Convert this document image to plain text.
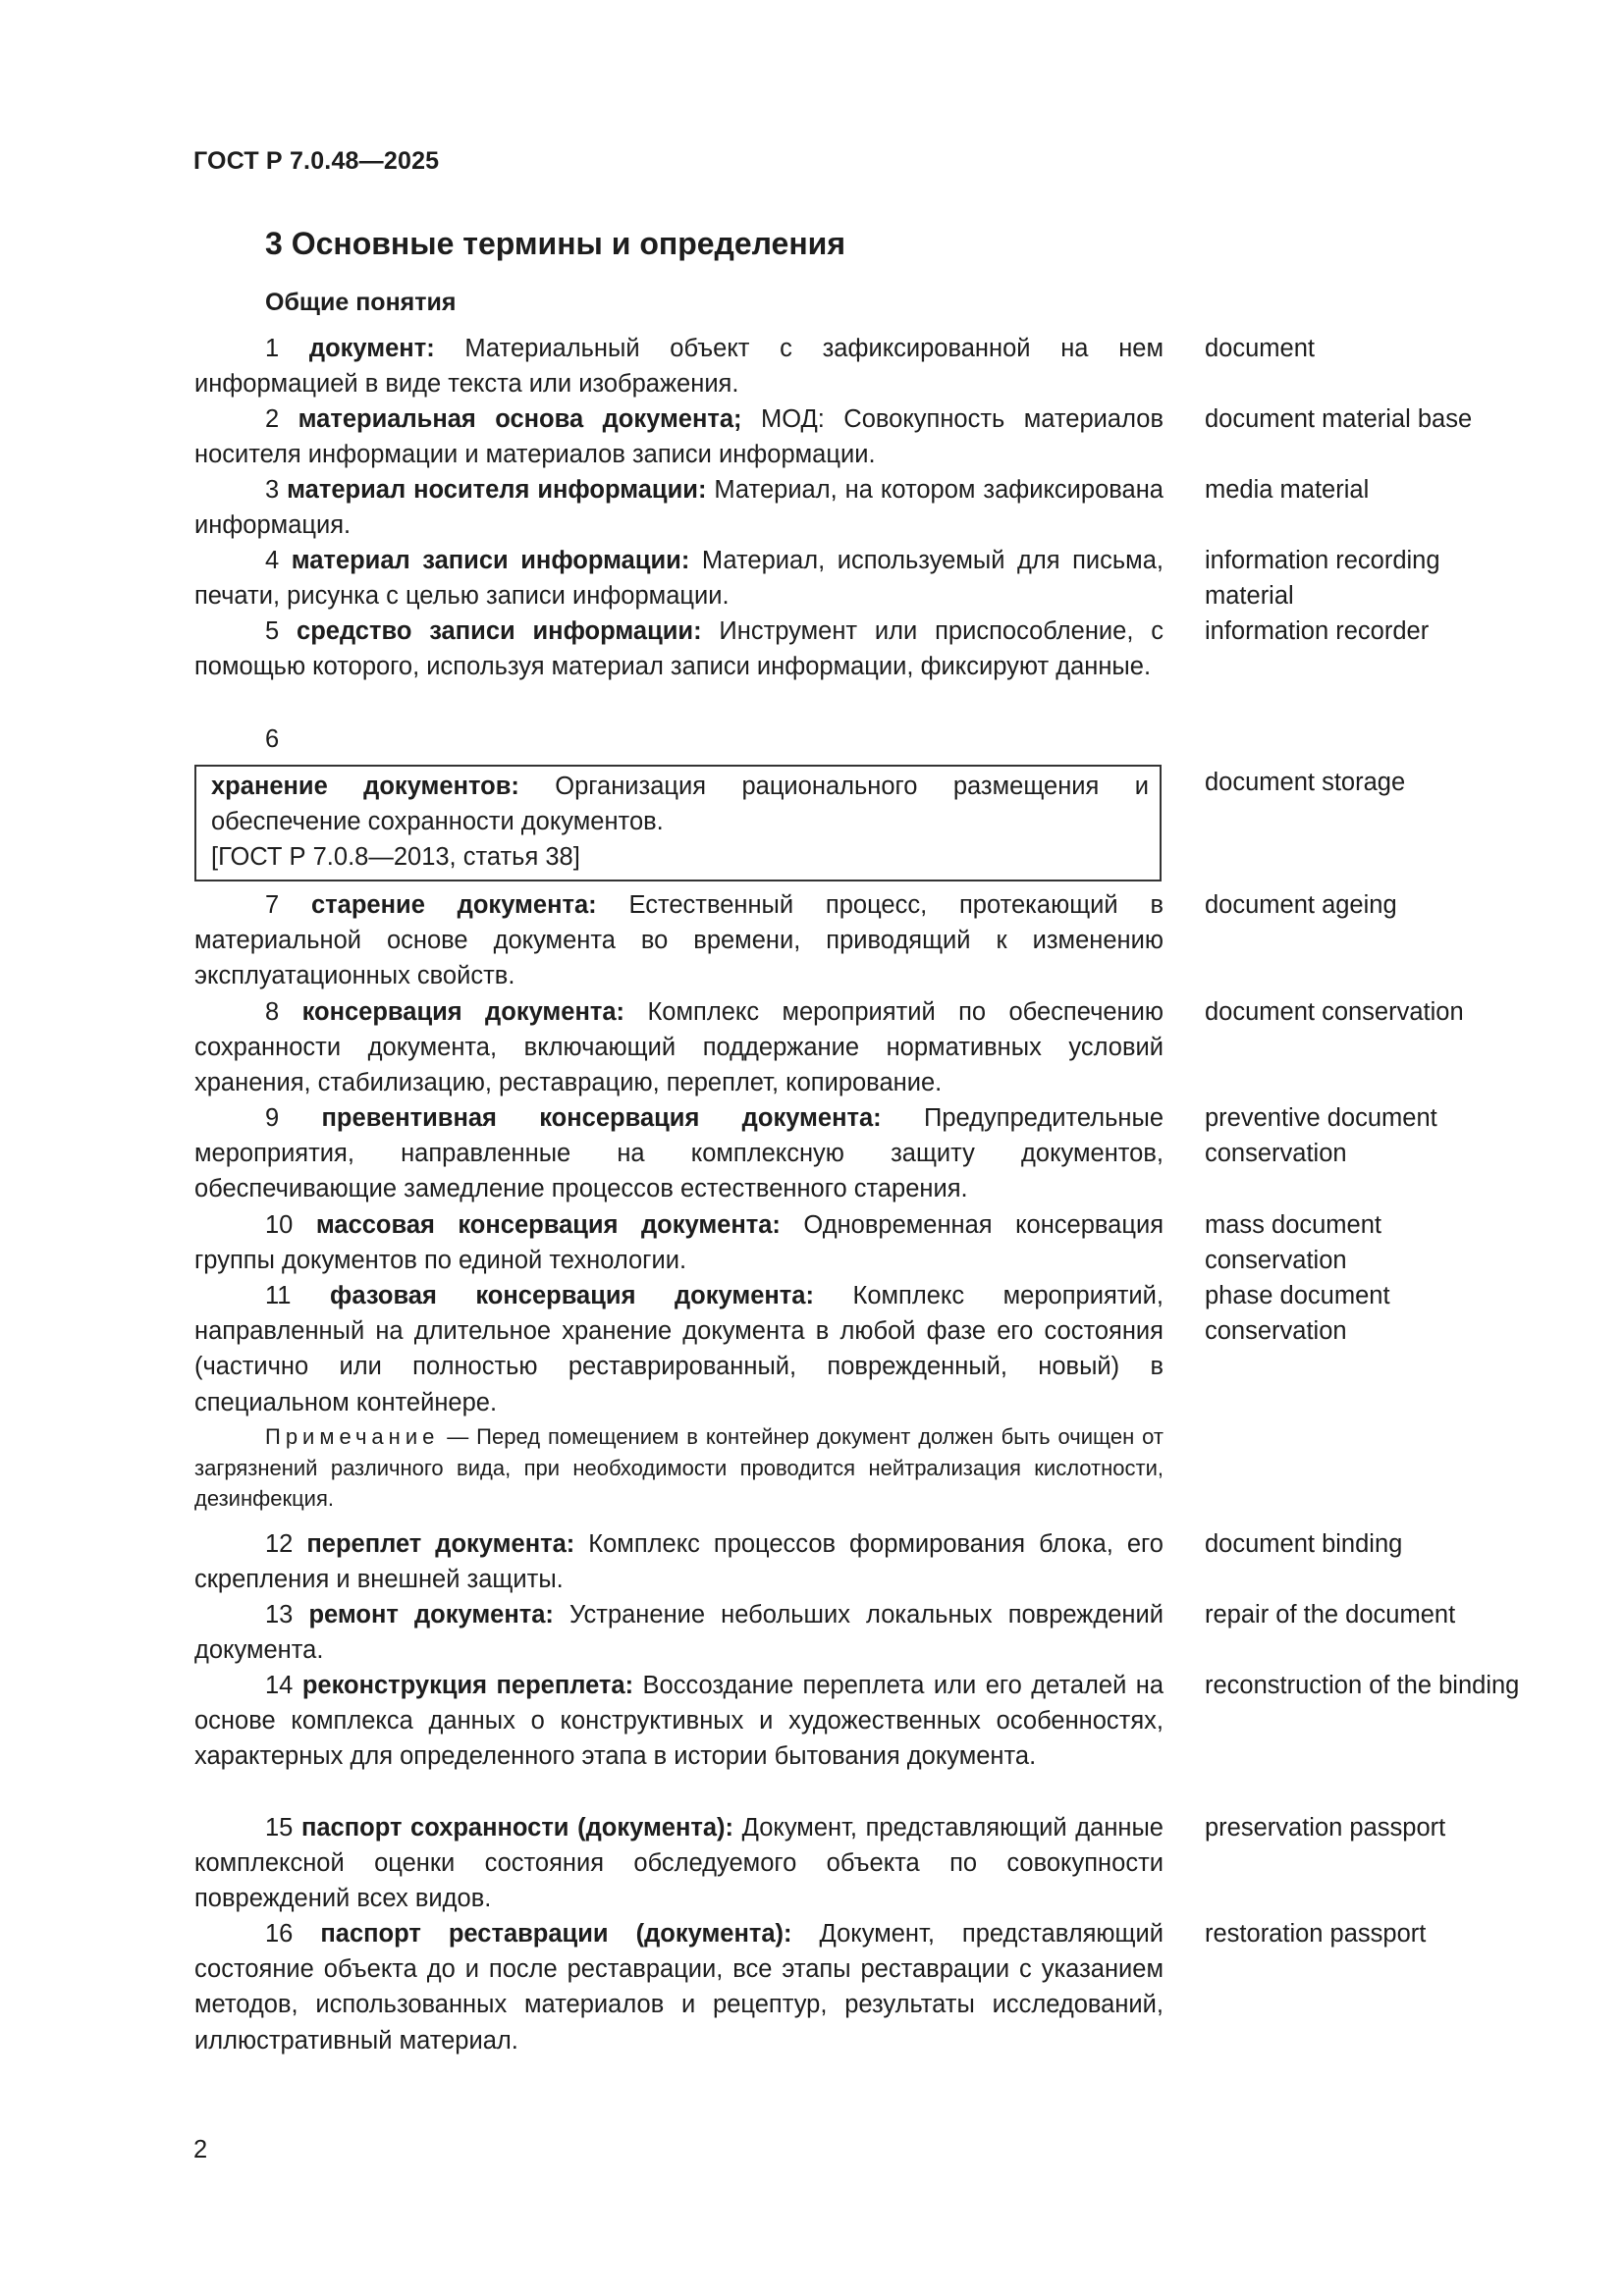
ГОСТ Р 7.0.48—2025
3 Основные термины и определения
Общие понятия
1 документ: Материальный объект с зафиксированной на нем информацией в виде текста или изображения.
document
2 материальная основа документа; МОД: Совокупность материалов носителя информации и материалов записи информации.
document material base
3 материал носителя информации: Материал, на котором зафиксирована информация.
media material
4 материал записи информации: Материал, используемый для письма, печати, рисунка с целью записи информации.
information recording material
5 средство записи информации: Инструмент или приспособление, с помощью которого, используя материал записи информации, фиксируют данные.
information recorder
6
хранение документов: Организация рационального размещения и обеспечение сохранности документов.
[ГОСТ Р 7.0.8—2013, статья 38]
document storage
7 старение документа: Естественный процесс, протекающий в материальной основе документа во времени, приводящий к изменению эксплуатационных свойств.
document ageing
8 консервация документа: Комплекс мероприятий по обеспечению сохранности документа, включающий поддержание нормативных условий хранения, стабилизацию, реставрацию, переплет, копирование.
document conservation
9 превентивная консервация документа: Предупредительные мероприятия, направленные на комплексную защиту документов, обеспечивающие замедление процессов естественного старения.
preventive document conservation
10 массовая консервация документа: Одновременная консервация группы документов по единой технологии.
mass document conservation
11 фазовая консервация документа: Комплекс мероприятий, направленный на длительное хранение документа в любой фазе его состояния (частично или полностью реставрированный, поврежденный, новый) в специальном контейнере.
phase document conservation
Примечание — Перед помещением в контейнер документ должен быть очищен от загрязнений различного вида, при необходимости проводится нейтрализация кислотности, дезинфекция.
12 переплет документа: Комплекс процессов формирования блока, его скрепления и внешней защиты.
document binding
13 ремонт документа: Устранение небольших локальных повреждений документа.
repair of the document
14 реконструкция переплета: Воссоздание переплета или его деталей на основе комплекса данных о конструктивных и художественных особенностях, характерных для определенного этапа в истории бытования документа.
reconstruction of the binding
15 паспорт сохранности (документа): Документ, представляющий данные комплексной оценки состояния обследуемого объекта по совокупности повреждений всех видов.
preservation passport
16 паспорт реставрации (документа): Документ, представляющий состояние объекта до и после реставрации, все этапы реставрации с указанием методов, использованных материалов и рецептур, результаты исследований, иллюстративный материал.
restoration passport
2
